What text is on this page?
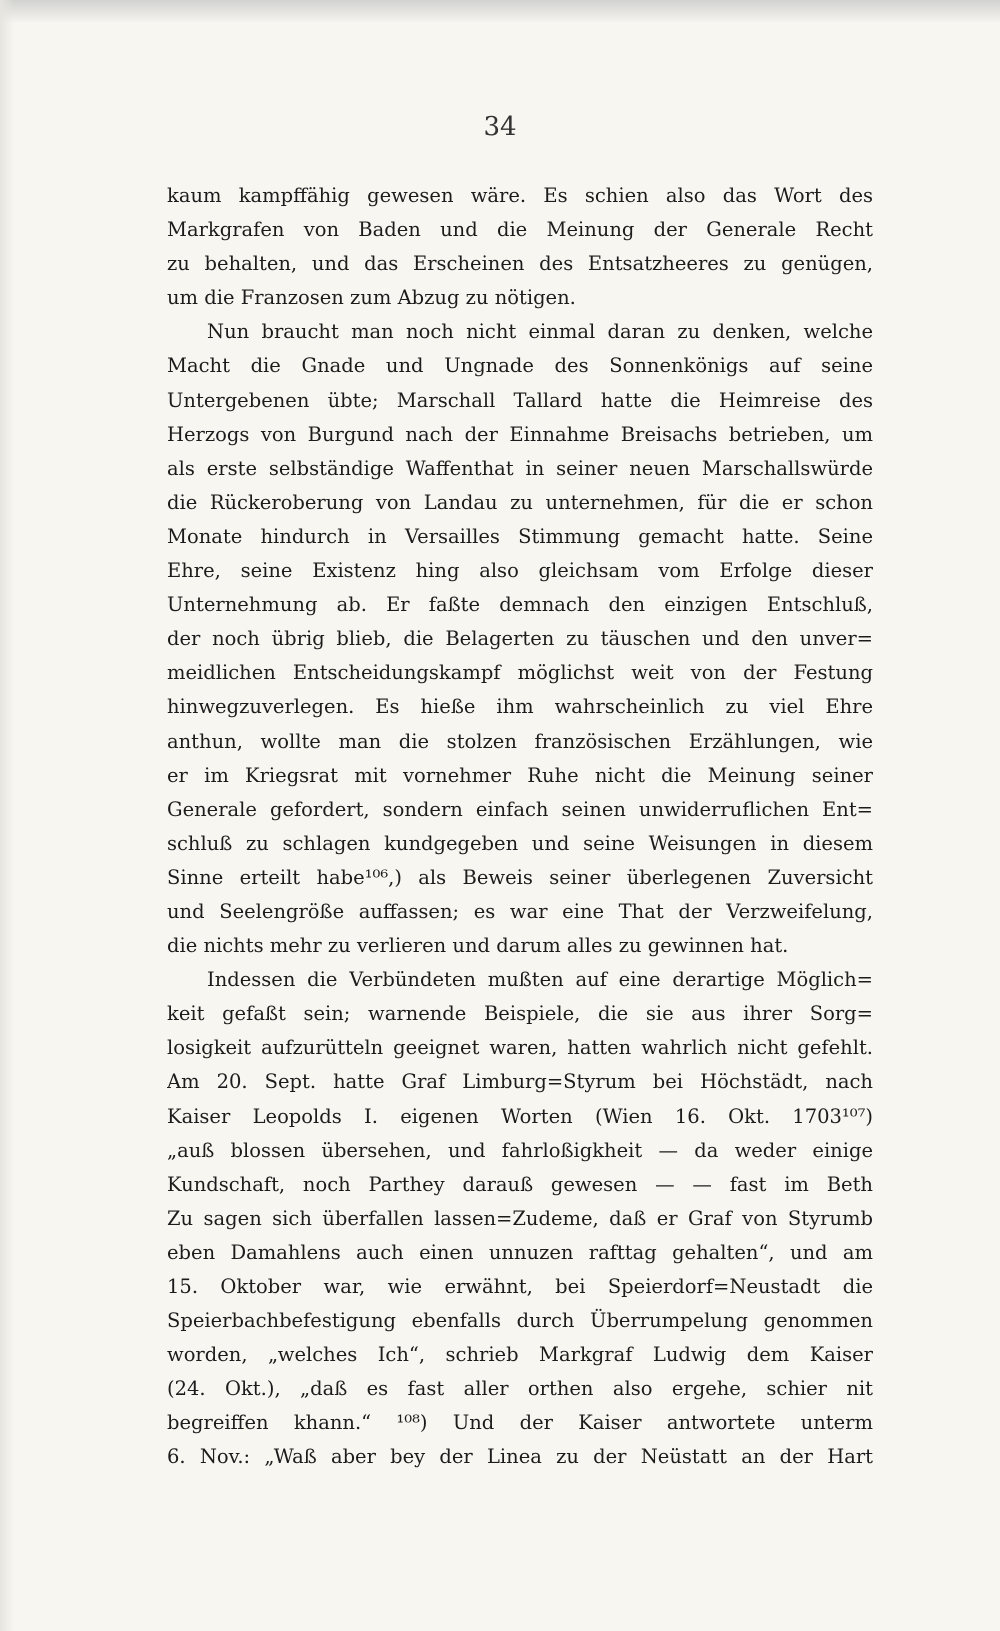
34
kaum kampffähig gewesen wäre. Es schien also das Wort des
Markgrafen von Baden und die Meinung der Generale Recht
zu behalten, und das Erscheinen des Entsatzheeres zu genügen,
um die Franzosen zum Abzug zu nötigen.
Nun braucht man noch nicht einmal daran zu denken, welche
Macht die Gnade und Ungnade des Sonnenkönigs auf seine
Untergebenen übte; Marschall Tallard hatte die Heimreise des
Herzogs von Burgund nach der Einnahme Breisachs betrieben, um
als erste selbständige Waffenthat in seiner neuen Marschallswürde
die Rückeroberung von Landau zu unternehmen, für die er schon
Monate hindurch in Versailles Stimmung gemacht hatte. Seine
Ehre, seine Existenz hing also gleichsam vom Erfolge dieser
Unternehmung ab. Er faßte demnach den einzigen Entschluß,
der noch übrig blieb, die Belagerten zu täuschen und den unver=
meidlichen Entscheidungskampf möglichst weit von der Festung
hinwegzuverlegen. Es hieße ihm wahrscheinlich zu viel Ehre
anthun, wollte man die stolzen französischen Erzählungen, wie
er im Kriegsrat mit vornehmer Ruhe nicht die Meinung seiner
Generale gefordert, sondern einfach seinen unwiderruflichen Ent=
schluß zu schlagen kundgegeben und seine Weisungen in diesem
Sinne erteilt habe¹⁰⁶,) als Beweis seiner überlegenen Zuversicht
und Seelengröße auffassen; es war eine That der Verzweifelung,
die nichts mehr zu verlieren und darum alles zu gewinnen hat.
Indessen die Verbündeten mußten auf eine derartige Möglich=
keit gefaßt sein; warnende Beispiele, die sie aus ihrer Sorg=
losigkeit aufzurütteln geeignet waren, hatten wahrlich nicht gefehlt.
Am 20. Sept. hatte Graf Limburg=Styrum bei Höchstädt, nach
Kaiser Leopolds I. eigenen Worten (Wien 16. Okt. 1703¹⁰⁷)
„auß blossen übersehen, und fahrloßigkheit — da weder einige
Kundschaft, noch Parthey darauß gewesen — — fast im Beth
Zu sagen sich überfallen lassen=Zudeme, daß er Graf von Styrumb
eben Damahlens auch einen unnuzen rafttag gehalten“, und am
15. Oktober war, wie erwähnt, bei Speierdorf=Neustadt die
Speierbachbefestigung ebenfalls durch Überrumpelung genommen
worden, „welches Ich“, schrieb Markgraf Ludwig dem Kaiser
(24. Okt.), „daß es fast aller orthen also ergehe, schier nit
begreiffen khann.“ ¹⁰⁸) Und der Kaiser antwortete unterm
6. Nov.: „Waß aber bey der Linea zu der Neüstatt an der Hart
